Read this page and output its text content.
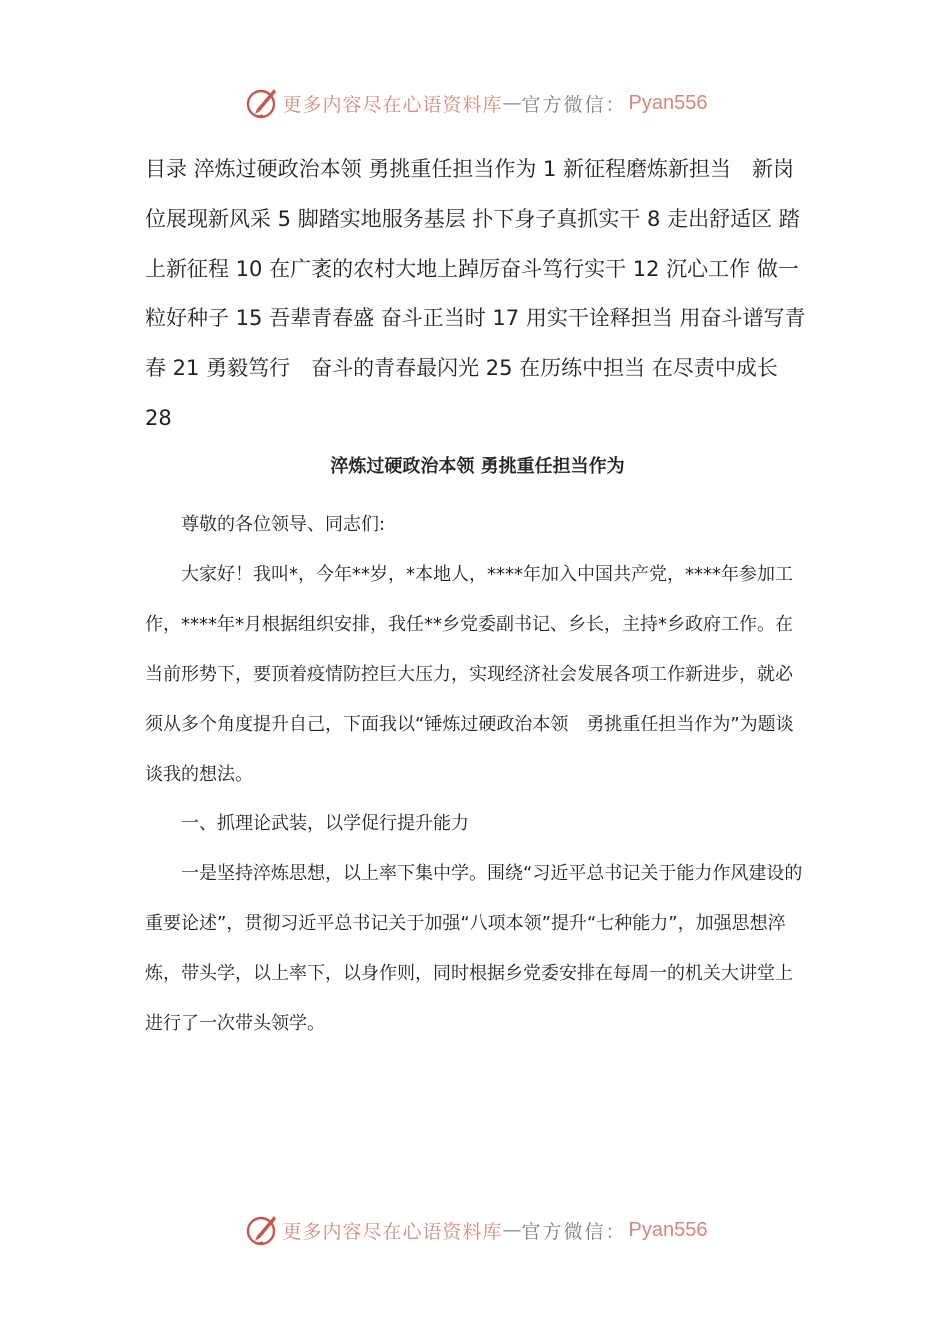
更多内容尽在心语资料库 — 官方微信： Pyan556

目录 淬炼过硬政治本领 勇挑重任担当作为 1 新征程磨炼新担当　新岗位展现新风采 5 脚踏实地服务基层 扑下身子真抓实干 8 走出舒适区 踏上新征程 10 在广袤的农村大地上踔厉奋斗笃行实干 12 沉心工作 做一粒好种子 15 吾辈青春盛 奋斗正当时 17 用实干诠释担当 用奋斗谱写青春 21 勇毅笃行　奋斗的青春最闪光 25 在历练中担当 在尽责中成长 28

淬炼过硬政治本领 勇挑重任担当作为

尊敬的各位领导、同志们:

大家好！我叫*，今年**岁，*本地人，****年加入中国共产党，****年参加工作，****年*月根据组织安排，我任**乡党委副书记、乡长，主持*乡政府工作。在当前形势下，要顶着疫情防控巨大压力，实现经济社会发展各项工作新进步，就必须从多个角度提升自己，下面我以“锤炼过硬政治本领　勇挑重任担当作为”为题谈谈我的想法。

一、抓理论武装，以学促行提升能力

一是坚持淬炼思想，以上率下集中学。围绕“习近平总书记关于能力作风建设的重要论述”，贯彻习近平总书记关于加强“八项本领”提升“七种能力”，加强思想淬炼，带头学，以上率下，以身作则，同时根据乡党委安排在每周一的机关大讲堂上进行了一次带头领学。

更多内容尽在心语资料库 — 官方微信： Pyan556
